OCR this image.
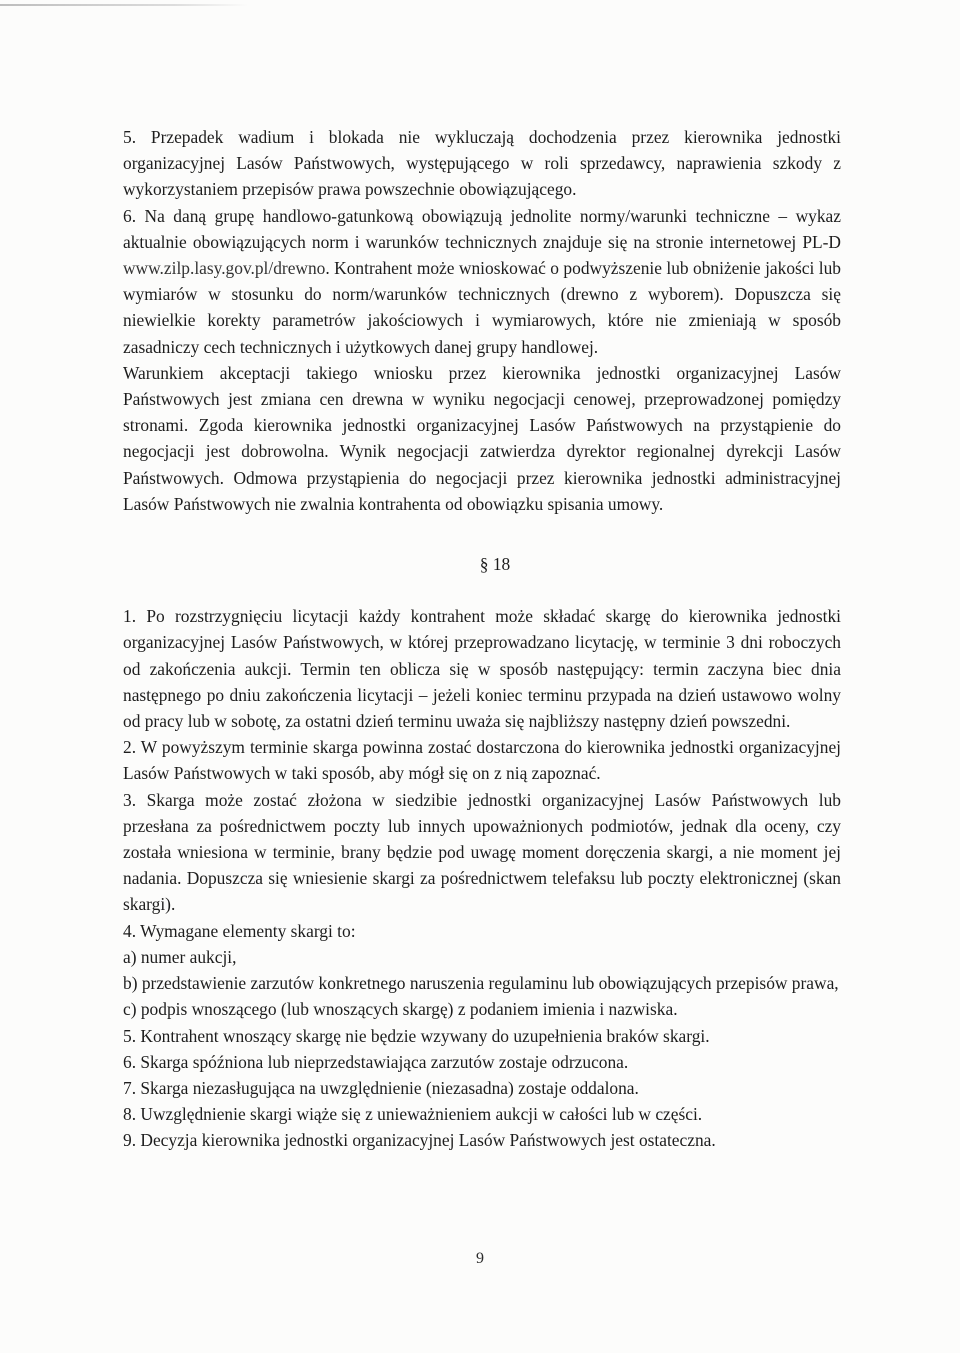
5. Przepadek wadium i blokada nie wykluczają dochodzenia przez kierownika jednostki organizacyjnej Lasów Państwowych, występującego w roli sprzedawcy, naprawienia szkody z wykorzystaniem przepisów prawa powszechnie obowiązującego.

6. Na daną grupę handlowo-gatunkową obowiązują jednolite normy/warunki techniczne – wykaz aktualnie obowiązujących norm i warunków technicznych znajduje się na stronie internetowej PL-D www.zilp.lasy.gov.pl/drewno. Kontrahent może wnioskować o podwyższenie lub obniżenie jakości lub wymiarów w stosunku do norm/warunków technicznych (drewno z wyborem). Dopuszcza się niewielkie korekty parametrów jakościowych i wymiarowych, które nie zmieniają w sposób zasadniczy cech technicznych i użytkowych danej grupy handlowej.

Warunkiem akceptacji takiego wniosku przez kierownika jednostki organizacyjnej Lasów Państwowych jest zmiana cen drewna w wyniku negocjacji cenowej, przeprowadzonej pomiędzy stronami. Zgoda kierownika jednostki organizacyjnej Lasów Państwowych na przystąpienie do negocjacji jest dobrowolna. Wynik negocjacji zatwierdza dyrektor regionalnej dyrekcji Lasów Państwowych. Odmowa przystąpienia do negocjacji przez kierownika jednostki administracyjnej Lasów Państwowych nie zwalnia kontrahenta od obowiązku spisania umowy.

§ 18

1. Po rozstrzygnięciu licytacji każdy kontrahent może składać skargę do kierownika jednostki organizacyjnej Lasów Państwowych, w której przeprowadzano licytację, w terminie 3 dni roboczych od zakończenia aukcji. Termin ten oblicza się w sposób następujący: termin zaczyna biec dnia następnego po dniu zakończenia licytacji – jeżeli koniec terminu przypada na dzień ustawowo wolny od pracy lub w sobotę, za ostatni dzień terminu uważa się najbliższy następny dzień powszedni.

2. W powyższym terminie skarga powinna zostać dostarczona do kierownika jednostki organizacyjnej Lasów Państwowych w taki sposób, aby mógł się on z nią zapoznać.

3. Skarga może zostać złożona w siedzibie jednostki organizacyjnej Lasów Państwowych lub przesłana za pośrednictwem poczty lub innych upoważnionych podmiotów, jednak dla oceny, czy została wniesiona w terminie, brany będzie pod uwagę moment doręczenia skargi, a nie moment jej nadania. Dopuszcza się wniesienie skargi za pośrednictwem telefaksu lub poczty elektronicznej (skan skargi).

4. Wymagane elementy skargi to:

a) numer aukcji,

b) przedstawienie zarzutów konkretnego naruszenia regulaminu lub obowiązujących przepisów prawa,

c) podpis wnoszącego (lub wnoszących skargę) z podaniem imienia i nazwiska.

5. Kontrahent wnoszący skargę nie będzie wzywany do uzupełnienia braków skargi.

6. Skarga spóźniona lub nieprzedstawiająca zarzutów zostaje odrzucona.

7. Skarga niezasługująca na uwzględnienie (niezasadna) zostaje oddalona.

8. Uwzględnienie skargi wiąże się z unieważnieniem aukcji w całości lub w części.

9. Decyzja kierownika jednostki organizacyjnej Lasów Państwowych jest ostateczna.

9
